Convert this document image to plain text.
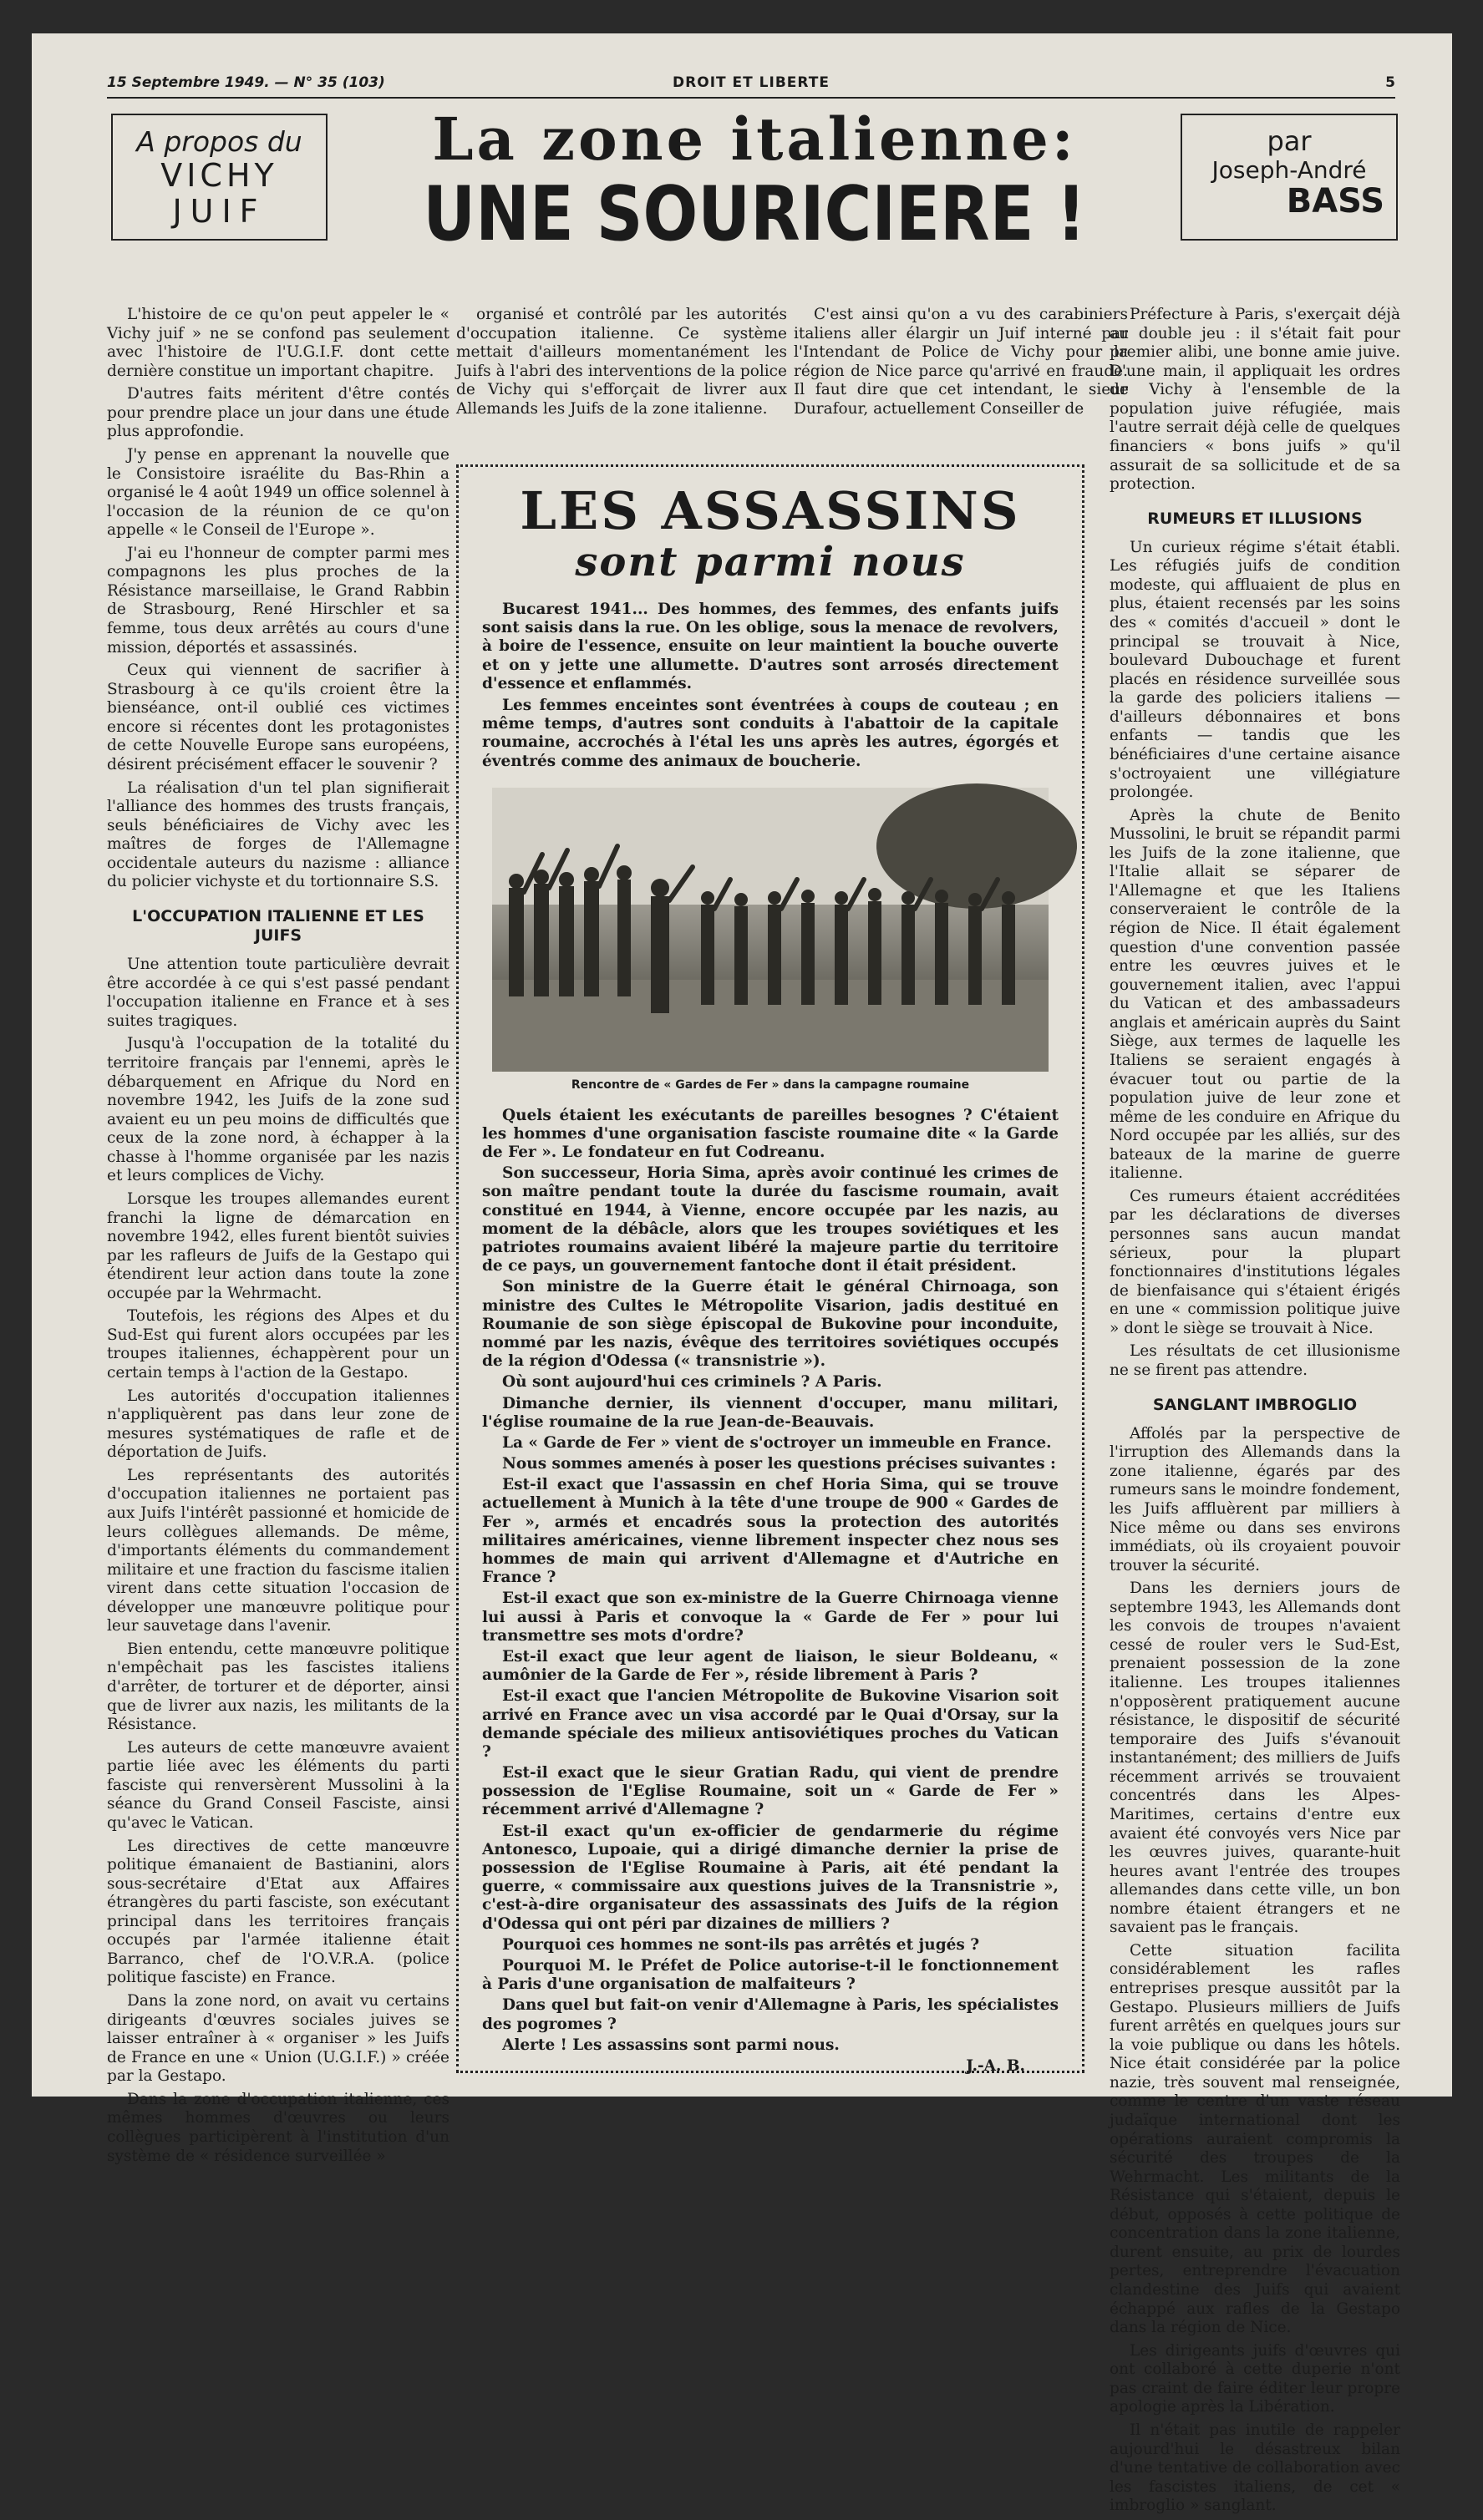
15 Septembre 1949. — N° 35 (103)	DROIT ET LIBERTE	5
A propos du
VICHY
JUIF
La zone italienne:
UNE SOURICIERE !
par
Joseph-André
BASS

L'histoire de ce qu'on peut appeler le « Vichy juif » ne se confond pas seulement avec l'histoire de l'U.G.I.F. dont cette dernière constitue un important chapitre.

D'autres faits méritent d'être contés pour prendre place un jour dans une étude plus approfondie.

J'y pense en apprenant la nouvelle que le Consistoire israélite du Bas-Rhin a organisé le 4 août 1949 un office solennel à l'occasion de la réunion de ce qu'on appelle « le Conseil de l'Europe ».

J'ai eu l'honneur de compter parmi mes compagnons les plus proches de la Résistance marseillaise, le Grand Rabbin de Strasbourg, René Hirschler et sa femme, tous deux arrêtés au cours d'une mission, déportés et assassinés.

Ceux qui viennent de sacrifier à Strasbourg à ce qu'ils croient être la bienséance, ont-il oublié ces victimes encore si récentes dont les protagonistes de cette Nouvelle Europe sans européens, désirent précisément effacer le souvenir ?

La réalisation d'un tel plan signifierait l'alliance des hommes des trusts français, seuls bénéficiaires de Vichy avec les maîtres de forges de l'Allemagne occidentale auteurs du nazisme : alliance du policier vichyste et du tortionnaire S.S.

L'OCCUPATION ITALIENNE ET LES JUIFS

Une attention toute particulière devrait être accordée à ce qui s'est passé pendant l'occupation italienne en France et à ses suites tragiques.

Jusqu'à l'occupation de la totalité du territoire français par l'ennemi, après le débarquement en Afrique du Nord en novembre 1942, les Juifs de la zone sud avaient eu un peu moins de difficultés que ceux de la zone nord, à échapper à la chasse à l'homme organisée par les nazis et leurs complices de Vichy.

Lorsque les troupes allemandes eurent franchi la ligne de démarcation en novembre 1942, elles furent bientôt suivies par les rafleurs de Juifs de la Gestapo qui étendirent leur action dans toute la zone occupée par la Wehrmacht.

Toutefois, les régions des Alpes et du Sud-Est qui furent alors occupées par les troupes italiennes, échappèrent pour un certain temps à l'action de la Gestapo.

Les autorités d'occupation italiennes n'appliquèrent pas dans leur zone de mesures systématiques de rafle et de déportation de Juifs.

Les représentants des autorités d'occupation italiennes ne portaient pas aux Juifs l'intérêt passionné et homicide de leurs collègues allemands. De même, d'importants éléments du commandement militaire et une fraction du fascisme italien virent dans cette situation l'occasion de développer une manœuvre politique pour leur sauvetage dans l'avenir.

Bien entendu, cette manœuvre politique n'empêchait pas les fascistes italiens d'arrêter, de torturer et de déporter, ainsi que de livrer aux nazis, les militants de la Résistance.

Les auteurs de cette manœuvre avaient partie liée avec les éléments du parti fasciste qui renversèrent Mussolini à la séance du Grand Conseil Fasciste, ainsi qu'avec le Vatican.

Les directives de cette manœuvre politique émanaient de Bastianini, alors sous-secrétaire d'Etat aux Affaires étrangères du parti fasciste, son exécutant principal dans les territoires français occupés par l'armée italienne était Barranco, chef de l'O.V.R.A. (police politique fasciste) en France.

Dans la zone nord, on avait vu certains dirigeants d'œuvres sociales juives se laisser entraîner à « organiser » les Juifs de France en une « Union (U.G.I.F.) » créée par la Gestapo.

Dans la zone d'occupation italienne, ces mêmes hommes d'œuvres ou leurs collègues participèrent à l'institution d'un système de « résidence surveillée »

organisé et contrôlé par les autorités d'occupation italienne. Ce système mettait d'ailleurs momentanément les Juifs à l'abri des interventions de la police de Vichy qui s'efforçait de livrer aux Allemands les Juifs de la zone italienne.

C'est ainsi qu'on a vu des carabiniers italiens aller élargir un Juif interné par l'Intendant de Police de Vichy pour la région de Nice parce qu'arrivé en fraude. Il faut dire que cet intendant, le sieur Durafour, actuellement Conseiller de

Préfecture à Paris, s'exerçait déjà au double jeu : il s'était fait pour premier alibi, une bonne amie juive. D'une main, il appliquait les ordres de Vichy à l'ensemble de la population juive réfugiée, mais l'autre serrait déjà celle de quelques financiers « bons juifs » qu'il assurait de sa sollicitude et de sa protection.

RUMEURS ET ILLUSIONS

Un curieux régime s'était établi. Les réfugiés juifs de condition modeste, qui affluaient de plus en plus, étaient recensés par les soins des « comités d'accueil » dont le principal se trouvait à Nice, boulevard Dubouchage et furent placés en résidence surveillée sous la garde des policiers italiens — d'ailleurs débonnaires et bons enfants — tandis que les bénéficiaires d'une certaine aisance s'octroyaient une villégiature prolongée.

Après la chute de Benito Mussolini, le bruit se répandit parmi les Juifs de la zone italienne, que l'Italie allait se séparer de l'Allemagne et que les Italiens conserveraient le contrôle de la région de Nice. Il était également question d'une convention passée entre les œuvres juives et le gouvernement italien, avec l'appui du Vatican et des ambassadeurs anglais et américain auprès du Saint Siège, aux termes de laquelle les Italiens se seraient engagés à évacuer tout ou partie de la population juive de leur zone et même de les conduire en Afrique du Nord occupée par les alliés, sur des bateaux de la marine de guerre italienne.

Ces rumeurs étaient accréditées par les déclarations de diverses personnes sans aucun mandat sérieux, pour la plupart fonctionnaires d'institutions légales de bienfaisance qui s'étaient érigés en une « commission politique juive » dont le siège se trouvait à Nice.

Les résultats de cet illusionisme ne se firent pas attendre.

SANGLANT IMBROGLIO

Affolés par la perspective de l'irruption des Allemands dans la zone italienne, égarés par des rumeurs sans le moindre fondement, les Juifs affluèrent par milliers à Nice même ou dans ses environs immédiats, où ils croyaient pouvoir trouver la sécurité.

Dans les derniers jours de septembre 1943, les Allemands dont les convois de troupes n'avaient cessé de rouler vers le Sud-Est, prenaient possession de la zone italienne. Les troupes italiennes n'opposèrent pratiquement aucune résistance, le dispositif de sécurité temporaire des Juifs s'évanouit instantanément; des milliers de Juifs récemment arrivés se trouvaient concentrés dans les Alpes-Maritimes, certains d'entre eux avaient été convoyés vers Nice par les œuvres juives, quarante-huit heures avant l'entrée des troupes allemandes dans cette ville, un bon nombre étaient étrangers et ne savaient pas le français.

Cette situation facilita considérablement les rafles entreprises presque aussitôt par la Gestapo. Plusieurs milliers de Juifs furent arrêtés en quelques jours sur la voie publique ou dans les hôtels. Nice était considérée par la police nazie, très souvent mal renseignée, comme le centre d'un vaste réseau judaïque international dont les opérations auraient compromis la sécurité des troupes de la Wehrmacht. Les militants de la Résistance qui s'étaient, depuis le début, opposés à cette politique de concentration dans la zone italienne, durent ensuite, au prix de lourdes pertes, entreprendre l'évacuation clandestine des Juifs qui avaient échappé aux rafles de la Gestapo dans la région de Nice.

Les dirigeants juifs d'œuvres qui ont collaboré à cette duperie n'ont pas craint de faire éditer leur propre apologie après la Libération.

Il n'était pas inutile de rappeler aujourd'hui le désastreux bilan d'une tentative de collaboration avec les fascistes italiens, de cet « imbroglio » sanglant.

LES ASSASSINS
sont parmi nous

Bucarest 1941... Des hommes, des femmes, des enfants juifs sont saisis dans la rue. On les oblige, sous la menace de revolvers, à boire de l'essence, ensuite on leur maintient la bouche ouverte et on y jette une allumette. D'autres sont arrosés directement d'essence et enflammés.

Les femmes enceintes sont éventrées à coups de couteau ; en même temps, d'autres sont conduits à l'abattoir de la capitale roumaine, accrochés à l'étal les uns après les autres, égorgés et éventrés comme des animaux de boucherie.

Rencontre de « Gardes de Fer » dans la campagne roumaine

Quels étaient les exécutants de pareilles besognes ? C'étaient les hommes d'une organisation fasciste roumaine dite « la Garde de Fer ». Le fondateur en fut Codreanu.

Son successeur, Horia Sima, après avoir continué les crimes de son maître pendant toute la durée du fascisme roumain, avait constitué en 1944, à Vienne, encore occupée par les nazis, au moment de la débâcle, alors que les troupes soviétiques et les patriotes roumains avaient libéré la majeure partie du territoire de ce pays, un gouvernement fantoche dont il était président.

Son ministre de la Guerre était le général Chirnoaga, son ministre des Cultes le Métropolite Visarion, jadis destitué en Roumanie de son siège épiscopal de Bukovine pour inconduite, nommé par les nazis, évêque des territoires soviétiques occupés de la région d'Odessa (« transnistrie »).

Où sont aujourd'hui ces criminels ? A Paris.

Dimanche dernier, ils viennent d'occuper, manu militari, l'église roumaine de la rue Jean-de-Beauvais.

La « Garde de Fer » vient de s'octroyer un immeuble en France.

Nous sommes amenés à poser les questions précises suivantes :

Est-il exact que l'assassin en chef Horia Sima, qui se trouve actuellement à Munich à la tête d'une troupe de 900 « Gardes de Fer », armés et encadrés sous la protection des autorités militaires américaines, vienne librement inspecter chez nous ses hommes de main qui arrivent d'Allemagne et d'Autriche en France ?

Est-il exact que son ex-ministre de la Guerre Chirnoaga vienne lui aussi à Paris et convoque la « Garde de Fer » pour lui transmettre ses mots d'ordre?

Est-il exact que leur agent de liaison, le sieur Boldeanu, « aumônier de la Garde de Fer », réside librement à Paris ?

Est-il exact que l'ancien Métropolite de Bukovine Visarion soit arrivé en France avec un visa accordé par le Quai d'Orsay, sur la demande spéciale des milieux antisoviétiques proches du Vatican ?

Est-il exact que le sieur Gratian Radu, qui vient de prendre possession de l'Eglise Roumaine, soit un « Garde de Fer » récemment arrivé d'Allemagne ?

Est-il exact qu'un ex-officier de gendarmerie du régime Antonesco, Lupoaie, qui a dirigé dimanche dernier la prise de possession de l'Eglise Roumaine à Paris, ait été pendant la guerre, « commissaire aux questions juives de la Transnistrie », c'est-à-dire organisateur des assassinats des Juifs de la région d'Odessa qui ont péri par dizaines de milliers ?

Pourquoi ces hommes ne sont-ils pas arrêtés et jugés ?

Pourquoi M. le Préfet de Police autorise-t-il le fonctionnement à Paris d'une organisation de malfaiteurs ?

Dans quel but fait-on venir d'Allemagne à Paris, les spécialistes des pogromes ?

Alerte ! Les assassins sont parmi nous.

J.-A. B.
